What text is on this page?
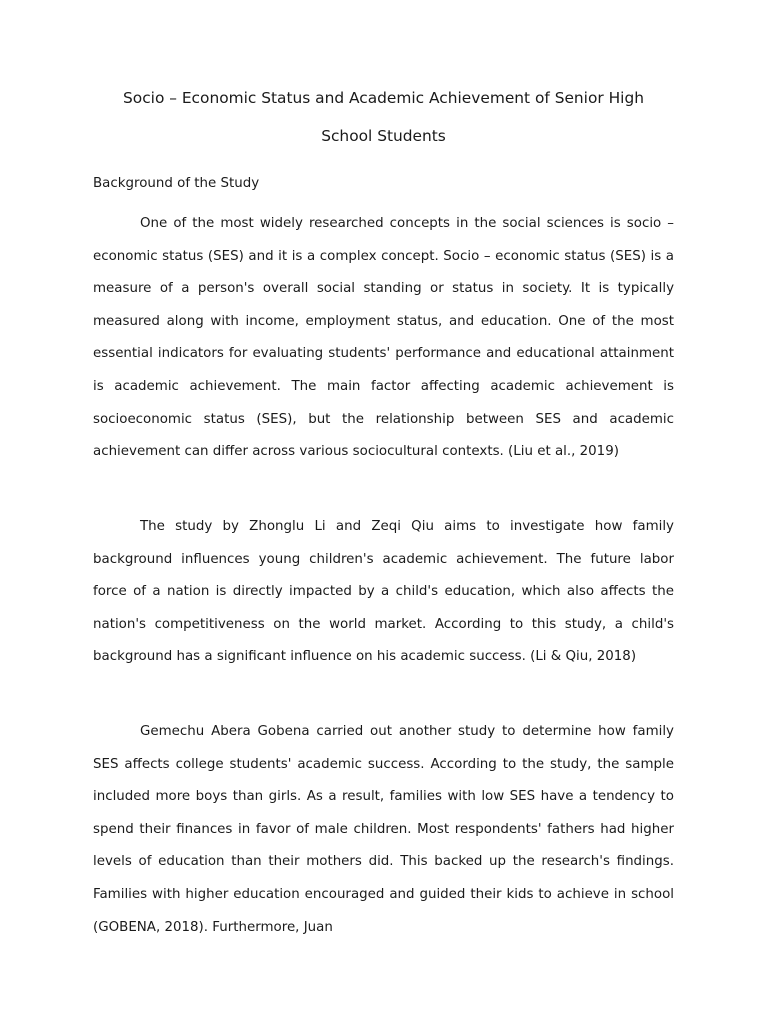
Socio – Economic Status and Academic Achievement of Senior High
School Students
Background of the Study

One of the most widely researched concepts in the social sciences is socio – economic status (SES) and it is a complex concept. Socio – economic status (SES) is a measure of a person's overall social standing or status in society. It is typically measured along with income, employment status, and education. One of the most essential indicators for evaluating students' performance and educational attainment is academic achievement. The main factor affecting academic achievement is socioeconomic status (SES), but the relationship between SES and academic achievement can differ across various sociocultural contexts. (Liu et al., 2019)

The study by Zhonglu Li and Zeqi Qiu aims to investigate how family background influences young children's academic achievement. The future labor force of a nation is directly impacted by a child's education, which also affects the nation's competitiveness on the world market. According to this study, a child's background has a significant influence on his academic success. (Li & Qiu, 2018)

Gemechu Abera Gobena carried out another study to determine how family SES affects college students' academic success. According to the study, the sample included more boys than girls. As a result, families with low SES have a tendency to spend their finances in favor of male children. Most respondents' fathers had higher levels of education than their mothers did. This backed up the research's findings. Families with higher education encouraged and guided their kids to achieve in school (GOBENA, 2018). Furthermore, Juan
